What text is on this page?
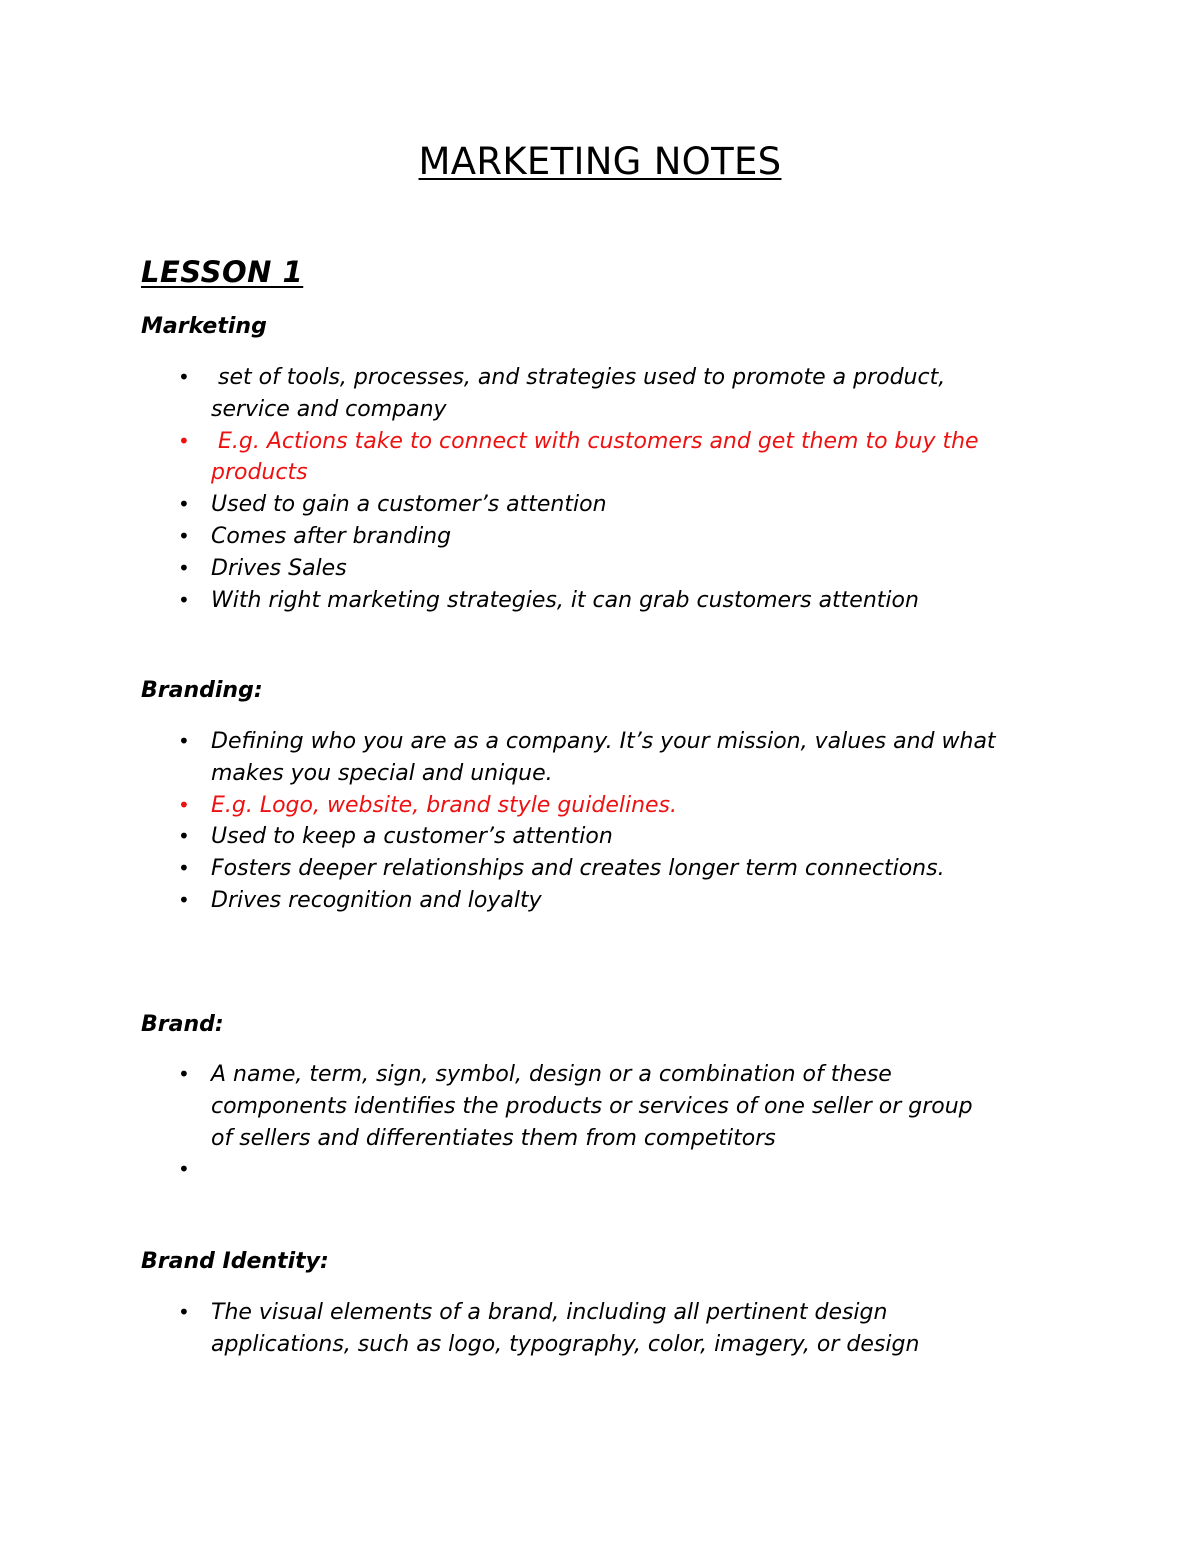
MARKETING NOTES
LESSON 1
Marketing
• set of tools, processes, and strategies used to promote a product,
service and company
• E.g. Actions take to connect with customers and get them to buy the
products
• Used to gain a customer’s attention
• Comes after branding
• Drives Sales
• With right marketing strategies, it can grab customers attention
Branding:
• Defining who you are as a company. It’s your mission, values and what
makes you special and unique.
• E.g. Logo, website, brand style guidelines.
• Used to keep a customer’s attention
• Fosters deeper relationships and creates longer term connections.
• Drives recognition and loyalty
Brand:
• A name, term, sign, symbol, design or a combination of these
components identifies the products or services of one seller or group
of sellers and differentiates them from competitors
•

Brand Identity:
• The visual elements of a brand, including all pertinent design
applications, such as logo, typography, color, imagery, or design
